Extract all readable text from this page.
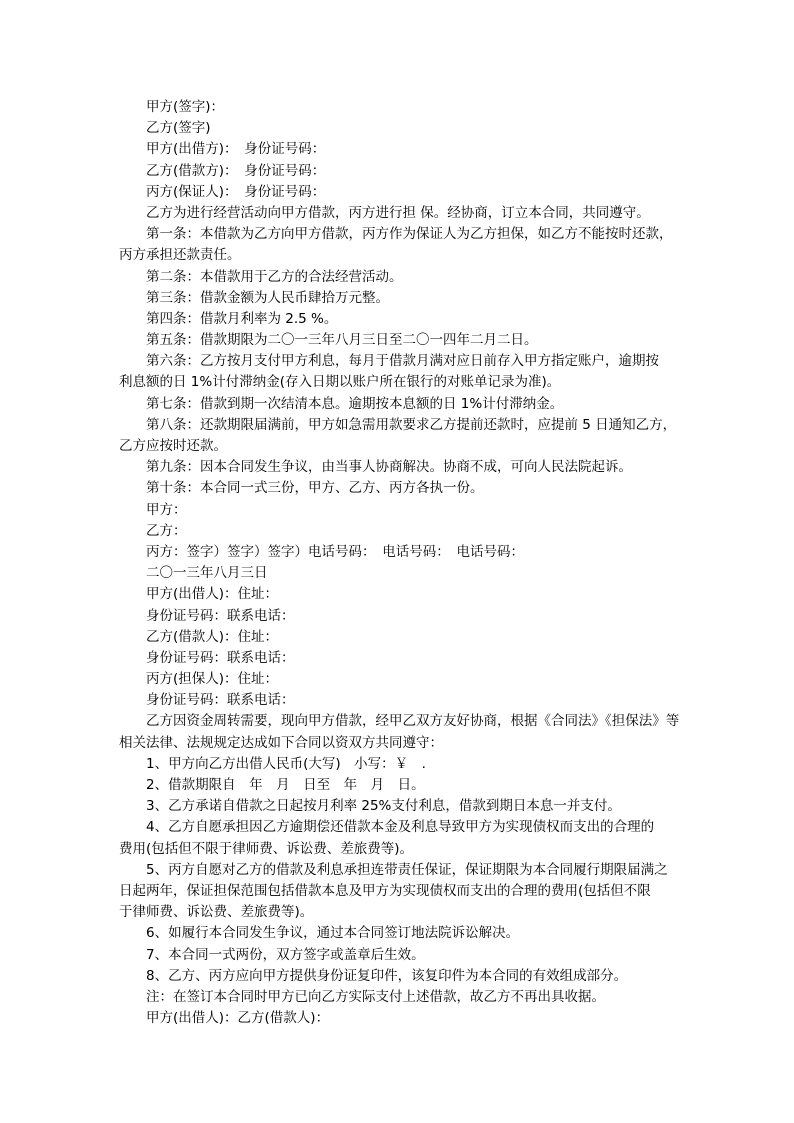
甲方(签字)：
乙方(签字)
甲方(出借方)：　身份证号码：
乙方(借款方)：　身份证号码：
丙方(保证人)：　身份证号码：
乙方为进行经营活动向甲方借款，丙方进行担 保。经协商，订立本合同，共同遵守。
第一条：本借款为乙方向甲方借款，丙方作为保证人为乙方担保，如乙方不能按时还款，
丙方承担还款责任。
第二条：本借款用于乙方的合法经营活动。
第三条：借款金额为人民币肆拾万元整。
第四条：借款月利率为 2.5 %。
第五条：借款期限为二〇一三年八月三日至二〇一四年二月二日。
第六条：乙方按月支付甲方利息，每月于借款月满对应日前存入甲方指定账户，逾期按
利息额的日 1%计付滞纳金(存入日期以账户所在银行的对账单记录为准)。
第七条：借款到期一次结清本息。逾期按本息额的日 1%计付滞纳金。
第八条：还款期限届满前，甲方如急需用款要求乙方提前还款时，应提前 5 日通知乙方，
乙方应按时还款。
第九条：因本合同发生争议，由当事人协商解决。协商不成，可向人民法院起诉。
第十条：本合同一式三份，甲方、乙方、丙方各执一份。
甲方：
乙方：
丙方：签字）签字）签字）电话号码：　电话号码：　电话号码：
二〇一三年八月三日
甲方(出借人)：住址：
身份证号码：联系电话：
乙方(借款人)：住址：
身份证号码：联系电话：
丙方(担保人)：住址：
身份证号码：联系电话：
乙方因资金周转需要，现向甲方借款，经甲乙双方友好协商，根据《合同法》《担保法》等
相关法律、法规规定达成如下合同以资双方共同遵守：
1、甲方向乙方出借人民币(大写)　小写：￥　.
2、借款期限自　年　月　日至　年　月　日。
3、乙方承诺自借款之日起按月利率 25%支付利息，借款到期日本息一并支付。
4、乙方自愿承担因乙方逾期偿还借款本金及利息导致甲方为实现债权而支出的合理的
费用(包括但不限于律师费、诉讼费、差旅费等)。
5、丙方自愿对乙方的借款及利息承担连带责任保证，保证期限为本合同履行期限届满之
日起两年，保证担保范围包括借款本息及甲方为实现债权而支出的合理的费用(包括但不限
于律师费、诉讼费、差旅费等)。
6、如履行本合同发生争议，通过本合同签订地法院诉讼解决。
7、本合同一式两份，双方签字或盖章后生效。
8、乙方、丙方应向甲方提供身份证复印件，该复印件为本合同的有效组成部分。
注：在签订本合同时甲方已向乙方实际支付上述借款，故乙方不再出具收据。
甲方(出借人)：乙方(借款人)：
